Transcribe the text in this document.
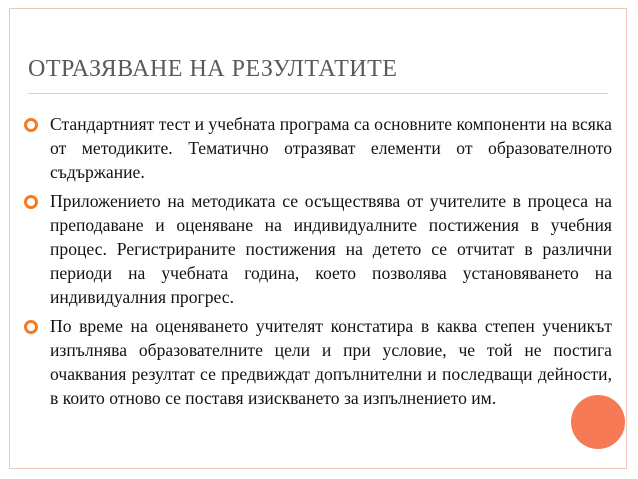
ОТРАЗЯВАНЕ НА РЕЗУЛТАТИТЕ
Стандартният тест и учебната програма са основните компоненти на всяка от методиките. Тематично отразяват елементи от образователното съдържание.
Приложението на методиката се осъществява от учителите в процеса на преподаване и оценяване на индивидуалните постижения в учебния процес. Регистрираните постижения на детето се отчитат в различни периоди на учебната година, което позволява установяването на индивидуалния прогрес.
По време на оценяването учителят констатира в каква степен ученикът изпълнява образователните цели и при условие, че той не постига очаквания резултат се предвиждат допълнителни и последващи дейности, в които отново се поставя изискването за изпълнението им.
